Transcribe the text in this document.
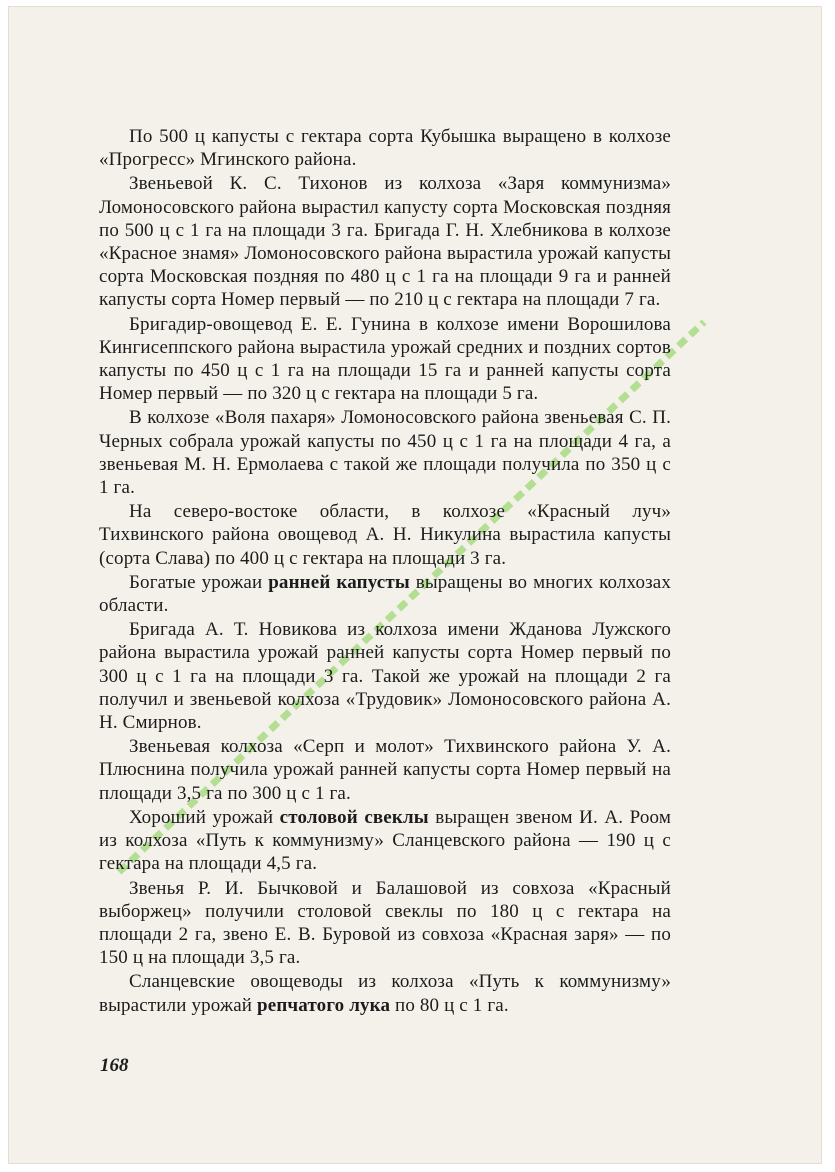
По 500 ц капусты с гектара сорта Кубышка выращено в колхозе «Прогресс» Мгинского района.

Звеньевой К. С. Тихонов из колхоза «Заря коммунизма» Ломоносовского района вырастил капусту сорта Московская поздняя по 500 ц с 1 га на площади 3 га. Бригада Г. Н. Хлебникова в колхозе «Красное знамя» Ломоносовского района вырастила урожай капусты сорта Московская поздняя по 480 ц с 1 га на площади 9 га и ранней капусты сорта Номер первый — по 210 ц с гектара на площади 7 га.

Бригадир-овощевод Е. Е. Гунина в колхозе имени Ворошилова Кингисеппского района вырастила урожай средних и поздних сортов капусты по 450 ц с 1 га на площади 15 га и ранней капусты сорта Номер первый — по 320 ц с гектара на площади 5 га.

В колхозе «Воля пахаря» Ломоносовского района звеньевая С. П. Черных собрала урожай капусты по 450 ц с 1 га на площади 4 га, а звеньевая М. Н. Ермолаева с такой же площади получила по 350 ц с 1 га.

На северо-востоке области, в колхозе «Красный луч» Тихвинского района овощевод А. Н. Никулина вырастила капусты (сорта Слава) по 400 ц с гектара на площади 3 га.

Богатые урожаи ранней капусты выращены во многих колхозах области.

Бригада А. Т. Новикова из колхоза имени Жданова Лужского района вырастила урожай ранней капусты сорта Номер первый по 300 ц с 1 га на площади 3 га. Такой же урожай на площади 2 га получил и звеньевой колхоза «Трудовик» Ломоносовского района А. Н. Смирнов.

Звеньевая колхоза «Серп и молот» Тихвинского района У. А. Плюснина получила урожай ранней капусты сорта Номер первый на площади 3,5 га по 300 ц с 1 га.

Хороший урожай столовой свеклы выращен звеном И. А. Роом из колхоза «Путь к коммунизму» Сланцевского района — 190 ц с гектара на площади 4,5 га.

Звенья Р. И. Бычковой и Балашовой из совхоза «Красный выборжец» получили столовой свеклы по 180 ц с гектара на площади 2 га, звено Е. В. Буровой из совхоза «Красная заря» — по 150 ц на площади 3,5 га.

Сланцевские овощеводы из колхоза «Путь к коммунизму» вырастили урожай репчатого лука по 80 ц с 1 га.

168
